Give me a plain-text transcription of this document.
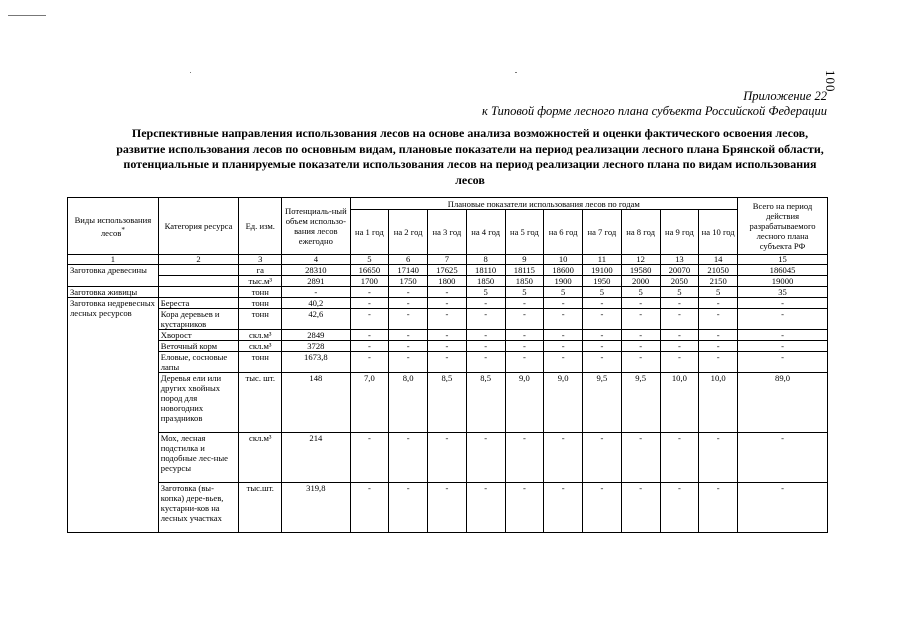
100
Приложение 22
к Типовой форме лесного плана субъекта Российской Федерации
Перспективные направления использования лесов на основе анализа возможностей и оценки фактического освоения лесов, развитие использования лесов по основным видам, плановые показатели на период реализации лесного плана Брянской области, потенциальные и планируемые показатели использования лесов на период реализации лесного плана по видам использования лесов
Виды использования лесов*	Категория ресурса	Ед. изм.	Потенциаль-ный объем использо-вания лесов ежегодно	Плановые показатели использования лесов по годам										Всего на период действия разрабатываемого лесного плана субъекта РФ
				на 1 год	на 2 год	на 3 год	на 4 год	на 5 год	на 6 год	на 7 год	на 8 год	на 9 год	на 10 год	
1	2	3	4	5	6	7	8	9	10	11	12	13	14	15
Заготовка древесины		га	28310	16650	17140	17625	18110	18115	18600	19100	19580	20070	21050	186045
		тыс.м³	2891	1700	1750	1800	1850	1850	1900	1950	2000	2050	2150	19000
Заготовка живицы		тонн	-	-	-	-	5	5	5	5	5	5	5	35
Заготовка недревесных лесных ресурсов	Береста	тонн	40,2	-	-	-	-	-	-	-	-	-	-	-
	Кора деревьев и кустарников	тонн	42,6	-	-	-	-	-	-	-	-	-	-	-
	Хворост	скл.м³	2849	-	-	-	-	-	-	-	-	-	-	-
	Веточный корм	скл.м³	3728	-	-	-	-	-	-	-	-	-	-	-
	Еловые, сосновые лапы	тонн	1673,8	-	-	-	-	-	-	-	-	-	-	-
	Деревья ели или других хвойных пород для новогодних праздников	тыс. шт.	148	7,0	8,0	8,5	8,5	9,0	9,0	9,5	9,5	10,0	10,0	89,0
	Мох, лесная подстилка и подобные лес-ные ресурсы	скл.м³	214	-	-	-	-	-	-	-	-	-	-	-
	Заготовка (вы-копка) дере-вьев, кустарни-ков на лесных участках	тыс.шт.	319,8	-	-	-	-	-	-	-	-	-	-	-
